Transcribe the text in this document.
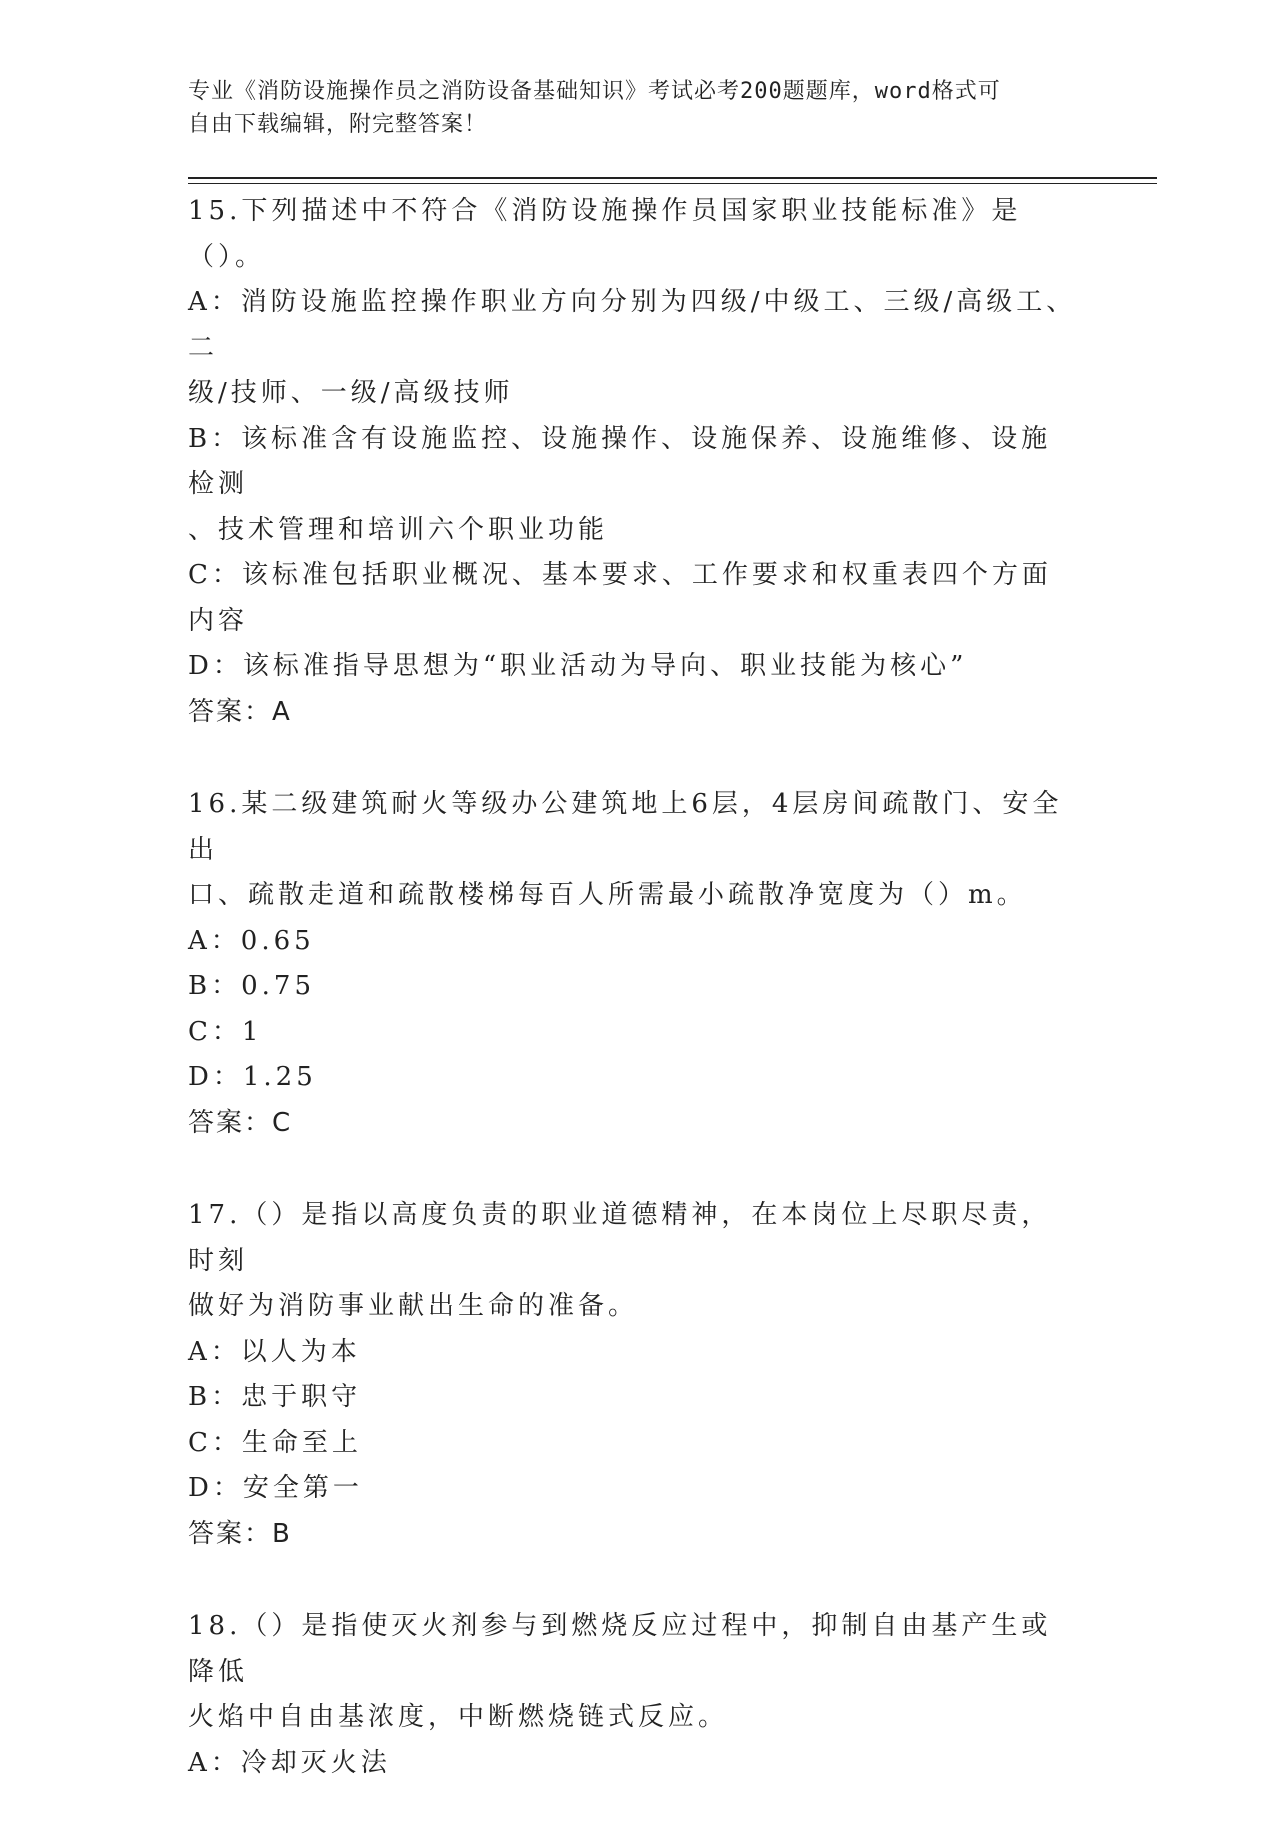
专业《消防设施操作员之消防设备基础知识》考试必考200题题库，word格式可
自由下载编辑，附完整答案！
15.下列描述中不符合《消防设施操作员国家职业技能标准》是（）。
A：消防设施监控操作职业方向分别为四级/中级工、三级/高级工、二
级/技师、一级/高级技师
B：该标准含有设施监控、设施操作、设施保养、设施维修、设施检测
、技术管理和培训六个职业功能
C：该标准包括职业概况、基本要求、工作要求和权重表四个方面内容
D：该标准指导思想为“职业活动为导向、职业技能为核心”
答案：A
16.某二级建筑耐火等级办公建筑地上6层，4层房间疏散门、安全出
口、疏散走道和疏散楼梯每百人所需最小疏散净宽度为（）m。
A：0.65
B：0.75
C：1
D：1.25
答案：C
17.（）是指以高度负责的职业道德精神，在本岗位上尽职尽责，时刻
做好为消防事业献出生命的准备。
A：以人为本
B：忠于职守
C：生命至上
D：安全第一
答案：B
18.（）是指使灭火剂参与到燃烧反应过程中，抑制自由基产生或降低
火焰中自由基浓度，中断燃烧链式反应。
A：冷却灭火法
